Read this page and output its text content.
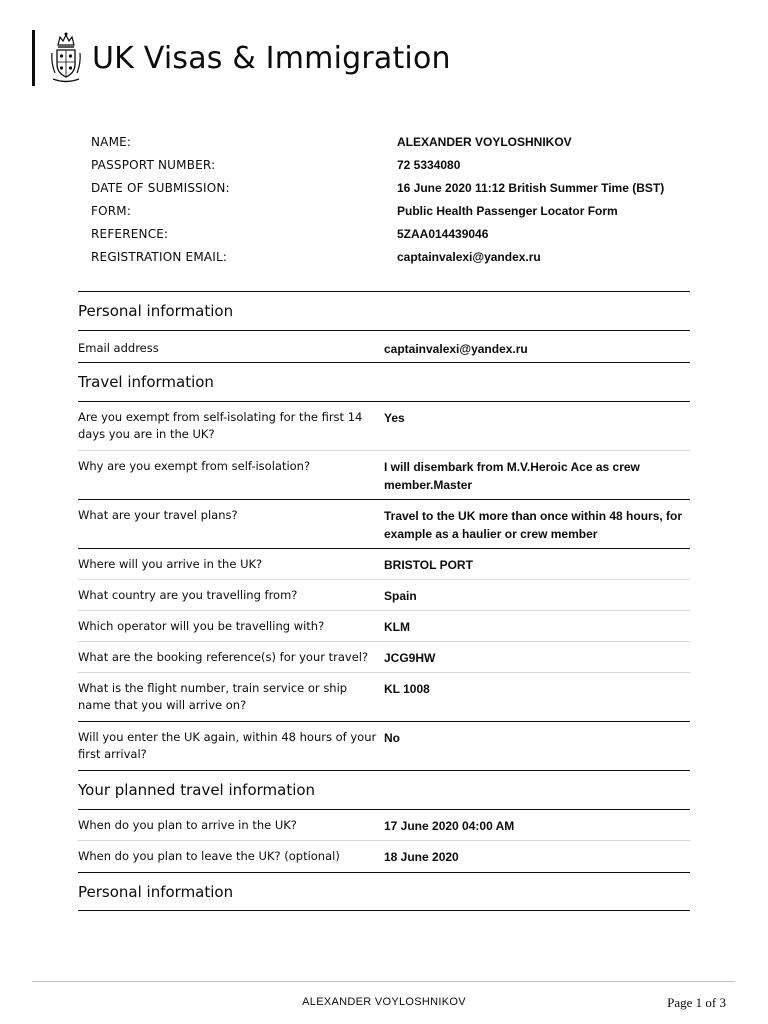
UK Visas & Immigration
NAME:	ALEXANDER VOYLOSHNIKOV
PASSPORT NUMBER:	72 5334080
DATE OF SUBMISSION:	16 June 2020 11:12 British Summer Time (BST)
FORM:	Public Health Passenger Locator Form
REFERENCE:	5ZAA014439046
REGISTRATION EMAIL:	captainvalexi@yandex.ru
Personal information
Email address	captainvalexi@yandex.ru
Travel information
Are you exempt from self-isolating for the first 14 days you are in the UK?
Yes
Why are you exempt from self-isolation?	I will disembark from M.V.Heroic Ace as crew member.Master
What are your travel plans?	Travel to the UK more than once within 48 hours, for example as a haulier or crew member
Where will you arrive in the UK?	BRISTOL PORT
What country are you travelling from?	Spain
Which operator will you be travelling with?	KLM
What are the booking reference(s) for your travel?	JCG9HW
What is the flight number, train service or ship name that you will arrive on?
KL 1008
Will you enter the UK again, within 48 hours of your first arrival?
No
Your planned travel information
When do you plan to arrive in the UK?	17 June 2020 04:00 AM
When do you plan to leave the UK? (optional)	18 June 2020
Personal information
ALEXANDER VOYLOSHNIKOV	Page 1 of 3
